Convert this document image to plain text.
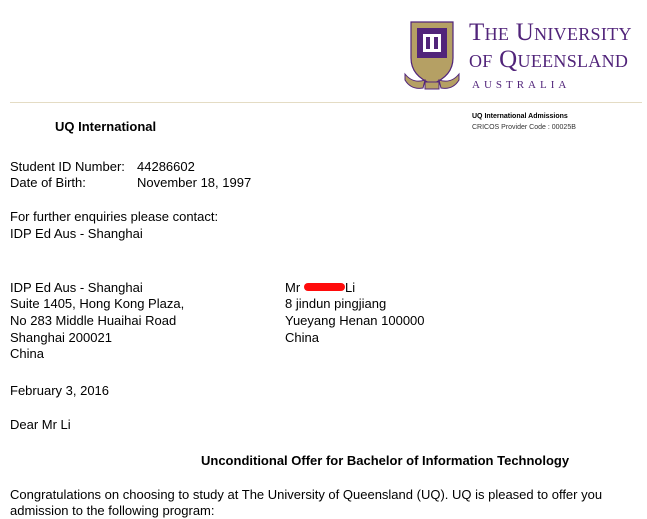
The University
of Queensland
AUSTRALIA
UQ International
UQ International Admissions
CRICOS Provider Code : 00025B
Student ID Number: 44286602
Date of Birth:	November 18, 1997
For further enquiries please contact:
IDP Ed Aus - Shanghai
IDP Ed Aus - Shanghai
Suite 1405, Hong Kong Plaza,
No 283 Middle Huaihai Road
Shanghai 200021
China
Mr	Li
8 jindun pingjiang
Yueyang Henan 100000
China
February 3, 2016
Dear Mr Li
Unconditional Offer for Bachelor of Information Technology
Congratulations on choosing to study at The University of Queensland (UQ). UQ is pleased to offer you
admission to the following program:
